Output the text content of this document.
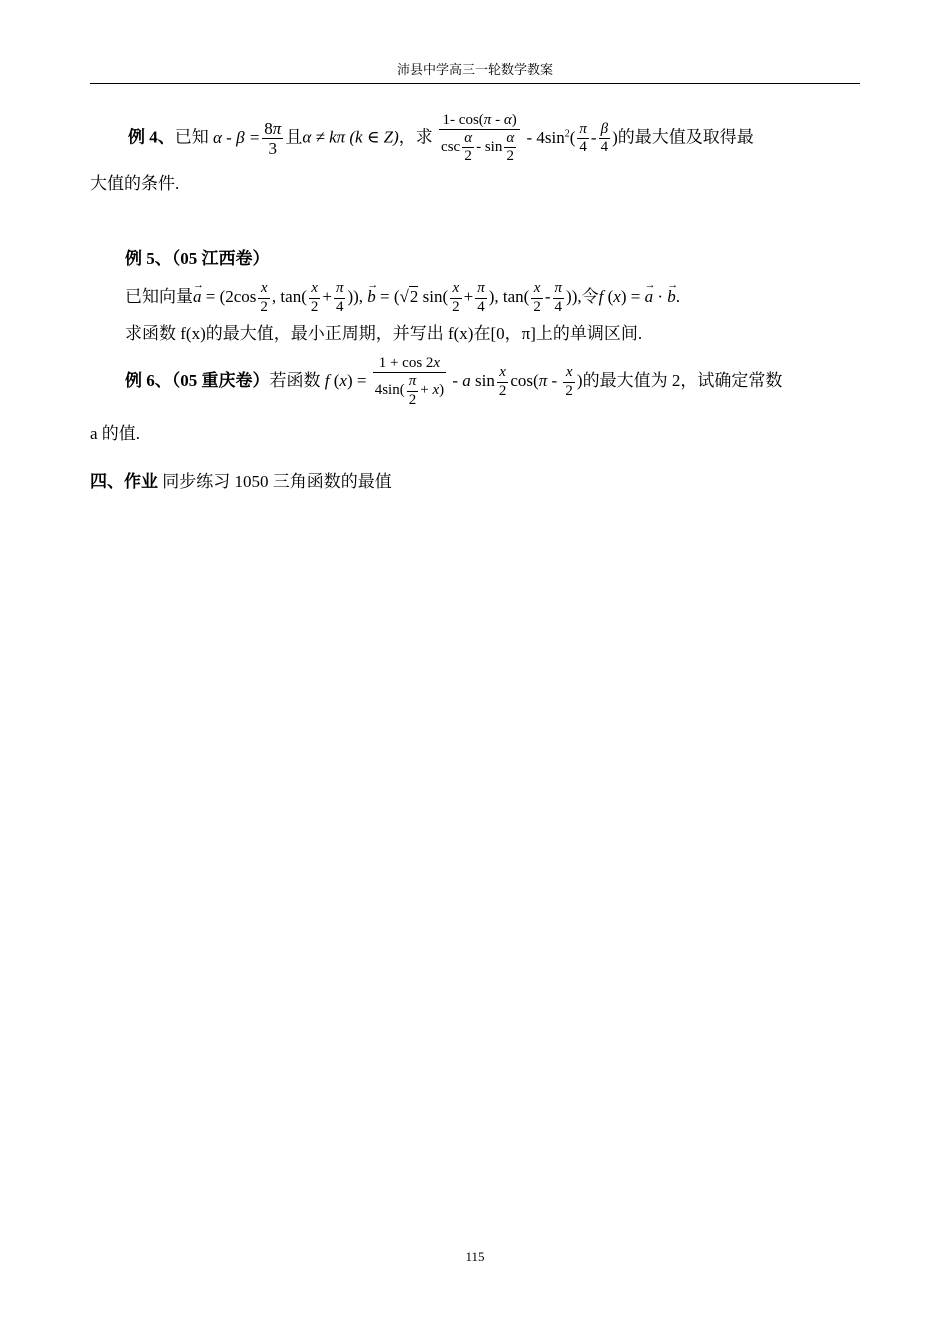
沛县中学高三一轮数学教案
例 4、已知 $\alpha - \beta = \frac{8\pi}{3}$ 且α ≠ kπ (k ∈ Z)，求 $\frac{1- \cos(\pi - \alpha)}{\csc \frac{\alpha}{2} - \sin \frac{\alpha}{2}} - 4\sin^2( \frac{\pi}{4} - \frac{\beta}{4}$ )的最大值及取得最
大值的条件.
例 5、（05 江西卷）
已知向量→ $a = (2\cos \frac{x}{2}$ , $\tan( \frac{x}{2} + \frac{\pi}{4}$ )), → b = (√2 $\sin( \frac{x}{2} + \frac{\pi}{4}$ ), $\tan( \frac{x}{2} - \frac{\pi}{4}$ )),令f (x) = → a · → b.
求函数 f(x)的最大值，最小正周期，并写出 f(x)在[0，π]上的单调区间.
例 6、（05 重庆卷）若函数 f $(x) = \frac{1 + \cos 2x}{4\sin( \frac{\pi}{2} + x)} - a$ $\sin \frac{x}{2} \cos(\pi - \frac{x}{2}$ )的最大值为 2，试确定常数
a 的值.
四、作业 同步练习 1050 三角函数的最值
115
